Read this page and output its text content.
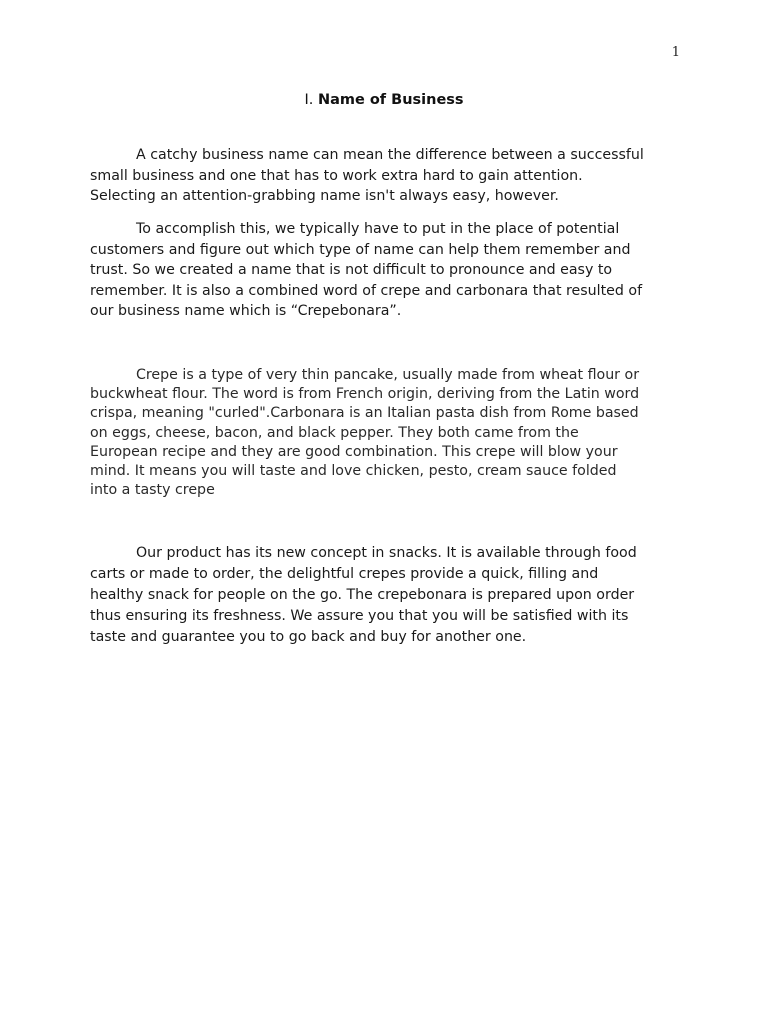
1
I. Name of Business
A catchy business name can mean the difference between a successful
small business and one that has to work extra hard to gain attention.
Selecting an attention-grabbing name isn't always easy, however.
To accomplish this, we typically have to put in the place of potential
customers and figure out which type of name can help them remember and
trust. So we created a name that is not difficult to pronounce and easy to
remember. It is also a combined word of crepe and carbonara that resulted of
our business name which is “Crepebonara”.
Crepe is a type of very thin pancake, usually made from wheat flour or
buckwheat flour. The word is from French origin, deriving from the Latin word
crispa, meaning "curled".Carbonara is an Italian pasta dish from Rome based
on eggs, cheese, bacon, and black pepper. They both came from the
European recipe and they are good combination. This crepe will blow your
mind. It means you will taste and love chicken, pesto, cream sauce folded
into a tasty crepe
Our product has its new concept in snacks. It is available through food
carts or made to order, the delightful crepes provide a quick, filling and
healthy snack for people on the go. The crepebonara is prepared upon order
thus ensuring its freshness. We assure you that you will be satisfied with its
taste and guarantee you to go back and buy for another one.
